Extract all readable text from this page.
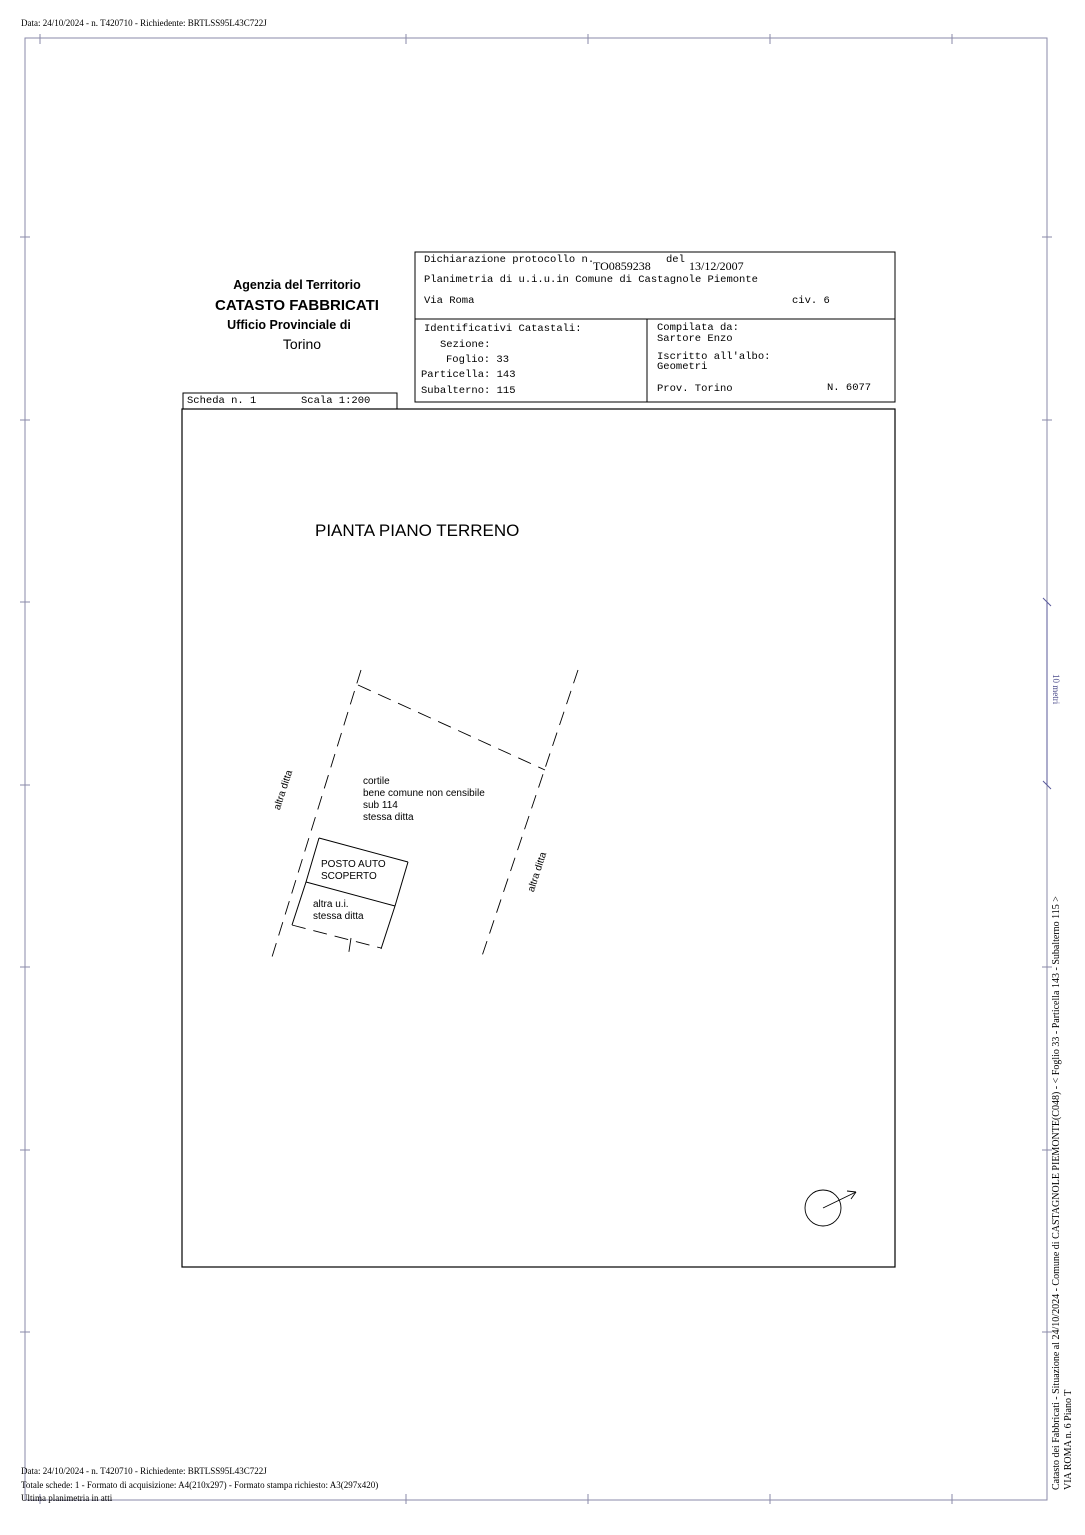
Data: 24/10/2024 - n. T420710 - Richiedente: BRTLSS95L43C722J
Agenzia del Territorio
CATASTO FABBRICATI
Ufficio Provinciale di
Torino
Dichiarazione protocollo n.
TO0859238 del 13/12/2007
Planimetria di u.i.u.in Comune di Castagnole Piemonte
Via Roma	civ. 6
Identificativi Catastali:
Sezione:
Foglio: 33
Particella: 143
Subalterno: 115
Compilata da:
Sartore Enzo
Iscritto all'albo:
Geometri
Prov. Torino	N. 6077
Scheda n. 1	Scala 1:200
PIANTA PIANO TERRENO
cortile
bene comune non censibile
sub 114
stessa ditta
altra ditta
altra ditta
POSTO AUTO
SCOPERTO
altra u.i.
stessa ditta
10 metri
Catasto dei Fabbricati - Situazione al 24/10/2024 - Comune di CASTAGNOLE PIEMONTE(C048) - < Foglio 33 - Particella 143 - Subalterno 115 > VIA ROMA n. 6 Piano T
Data: 24/10/2024 - n. T420710 - Richiedente: BRTLSS95L43C722J
Totale schede: 1 - Formato di acquisizione: A4(210x297) - Formato stampa richiesto: A3(297x420)
Ultima planimetria in atti
